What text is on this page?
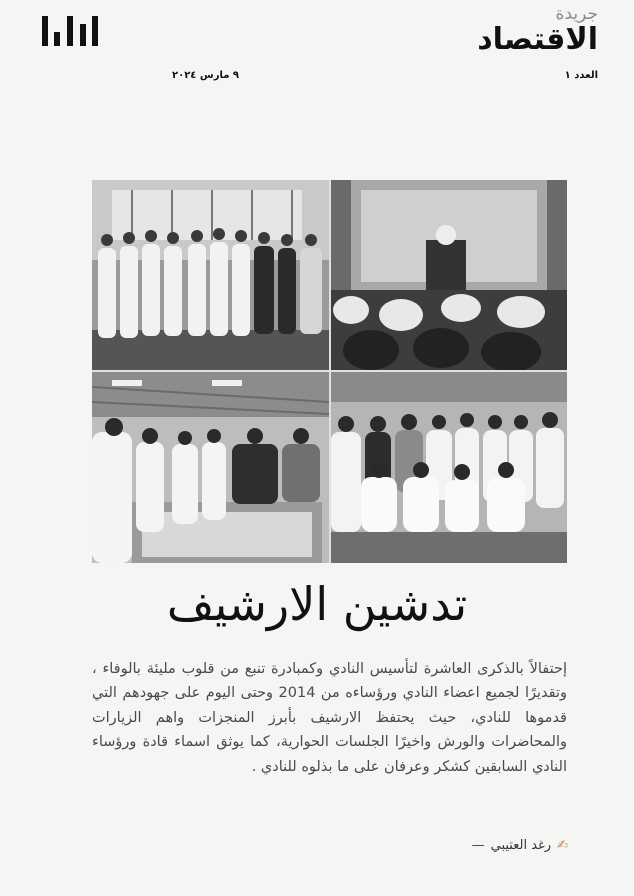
جريدة
الاقتصاد
العدد ١
٩ مارس ٢٠٢٤
تدشين الارشيف
إحتفالاً بالذكرى العاشرة لتأسيس النادي وكمبادرة تنبع من قلوب مليئة بالوفاء ، وتقديرًا لجميع اعضاء النادي ورؤساءه من 2014 وحتى اليوم على جهودهم التي قدموها للنادي، حيث يحتفظ الارشيف بأبرز المنجزات واهم الزيارات والمحاضرات والورش واخيرًا الجلسات الحوارية، كما يوثق اسماء قادة ورؤساء النادي السابقين كشكر وعرفان على ما بذلوه للنادي .
✍
رغد العتيبي
—
